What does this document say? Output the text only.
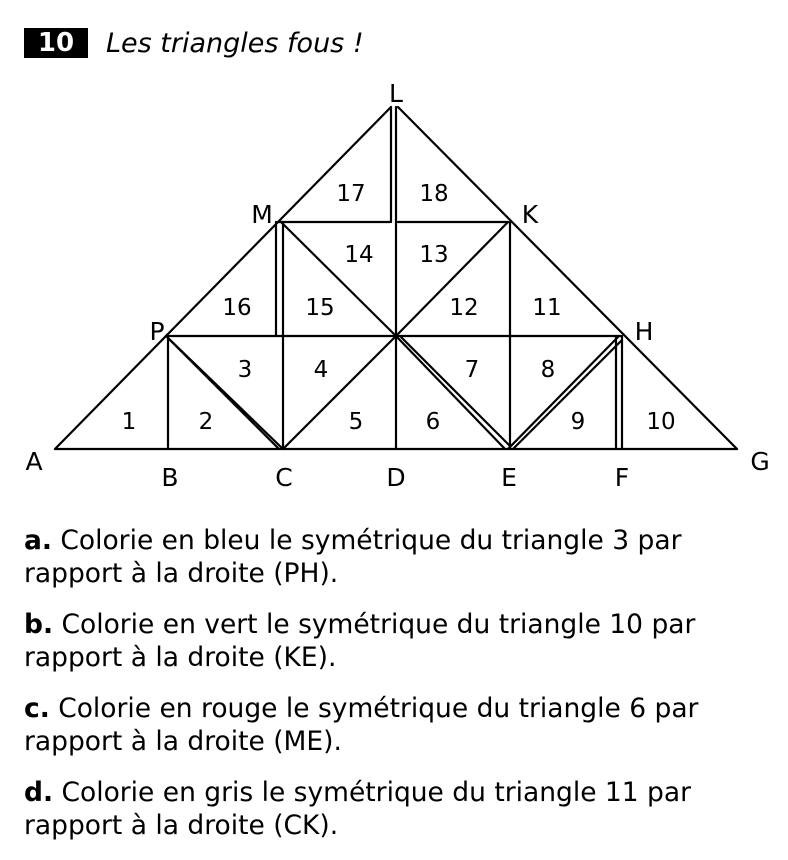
10	Les triangles fous !
A
B	C	D	E	F
G
H
K
L
M
P
1	2
3	4
5	6
7	8
9	10
11
12
13
14
15
16
17 18

a. Colorie en bleu le symétrique du triangle 3 par rapport à la droite (PH).

b. Colorie en vert le symétrique du triangle 10 par rapport à la droite (KE).

c. Colorie en rouge le symétrique du triangle 6 par rapport à la droite (ME).

d. Colorie en gris le symétrique du triangle 11 par rapport à la droite (CK).
